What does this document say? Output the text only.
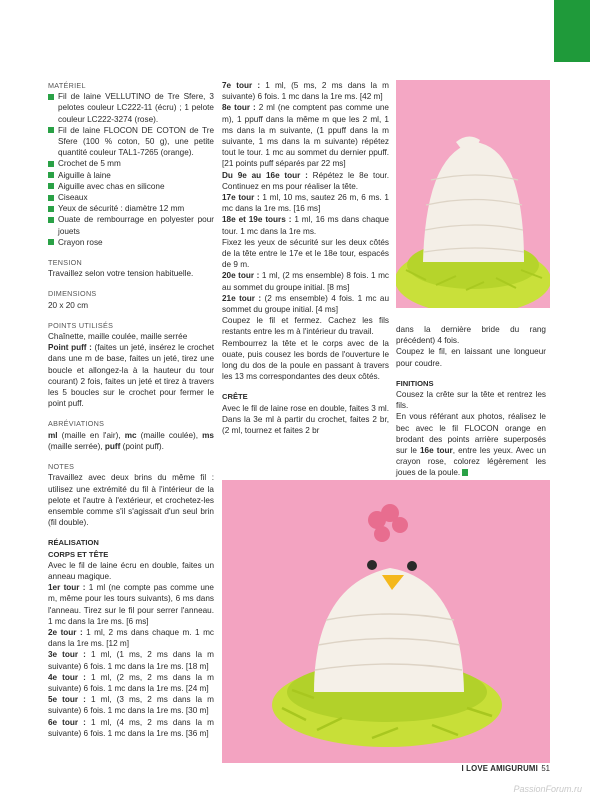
MATÉRIEL

Fil de laine VELLUTINO de Tre Sfere, 3 pelotes couleur LC222-11 (écru) ; 1 pelote couleur LC222-3274 (rose).

Fil de laine FLOCON DE COTON de Tre Sfere (100 % coton, 50 g), une petite quantité couleur TAL1-7265 (orange).

Crochet de 5 mm

Aiguille à laine

Aiguille avec chas en silicone

Ciseaux

Yeux de sécurité : diamètre 12 mm

Ouate de rembourrage en polyester pour jouets

Crayon rose

TENSION

Travaillez selon votre tension habituelle.

DIMENSIONS

20 x 20 cm

POINTS UTILISÉS

Chaînette, maille coulée, maille serrée

Point puff : (faites un jeté, insérez le crochet dans une m de base, faites un jeté, tirez une boucle et allongez-la à la hauteur du tour courant) 2 fois, faites un jeté et tirez à travers les 5 boucles sur le crochet pour fermer le point puff.

ABRÉVIATIONS

ml (maille en l'air), mc (maille coulée), ms (maille serrée), puff (point puff).

NOTES

Travaillez avec deux brins du même fil : utilisez une extrémité du fil à l'intérieur de la pelote et l'autre à l'extérieur, et crochetez-les ensemble comme s'il s'agissait d'un seul brin (fil double).

RÉALISATION
CORPS ET TÊTE

Avec le fil de laine écru en double, faites un anneau magique.

1er tour : 1 ml (ne compte pas comme une m, même pour les tours suivants), 6 ms dans l'anneau. Tirez sur le fil pour serrer l'anneau. 1 mc dans la 1re ms. [6 ms]

2e tour : 1 ml, 2 ms dans chaque m. 1 mc dans la 1re ms. [12 m]

3e tour : 1 ml, (1 ms, 2 ms dans la m suivante) 6 fois. 1 mc dans la 1re ms. [18 m]

4e tour : 1 ml, (2 ms, 2 ms dans la m suivante) 6 fois. 1 mc dans la 1re ms. [24 m]

5e tour : 1 ml, (3 ms, 2 ms dans la m suivante) 6 fois. 1 mc dans la 1re ms. [30 m]

6e tour : 1 ml, (4 ms, 2 ms dans la m suivante) 6 fois. 1 mc dans la 1re ms. [36 m]

7e tour : 1 ml, (5 ms, 2 ms dans la m suivante) 6 fois. 1 mc dans la 1re ms. [42 m]

8e tour : 2 ml (ne comptent pas comme une m), 1 ppuff dans la même m que les 2 ml, 1 ms dans la m suivante, (1 ppuff dans la m suivante, 1 ms dans la m suivante) répétez tout le tour. 1 mc au sommet du dernier ppuff. [21 points puff séparés par 22 ms]

Du 9e au 16e tour : Répétez le 8e tour. Continuez en ms pour réaliser la tête.

17e tour : 1 ml, 10 ms, sautez 26 m, 6 ms. 1 mc dans la 1re ms. [16 ms]

18e et 19e tours : 1 ml, 16 ms dans chaque tour. 1 mc dans la 1re ms.

Fixez les yeux de sécurité sur les deux côtés de la tête entre le 17e et le 18e tour, espacés de 9 m.

20e tour : 1 ml, (2 ms ensemble) 8 fois. 1 mc au sommet du groupe initial. [8 ms]

21e tour : (2 ms ensemble) 4 fois. 1 mc au sommet du groupe initial. [4 ms]

Coupez le fil et fermez. Cachez les fils restants entre les m à l'intérieur du travail.

Rembourrez la tête et le corps avec de la ouate, puis cousez les bords de l'ouverture le long du dos de la poule en passant à travers les 13 ms correspondantes des deux côtés.

CRÊTE

Avec le fil de laine rose en double, faites 3 ml. Dans la 3e ml à partir du crochet, faites 2 br, (2 ml, tournez et faites 2 br

dans la dernière bride du rang précédent) 4 fois.

Coupez le fil, en laissant une longueur pour coudre.

FINITIONS

Cousez la crête sur la tête et rentrez les fils.

En vous référant aux photos, réalisez le bec avec le fil FLOCON orange en brodant des points arrière superposés sur le 16e tour, entre les yeux. Avec un crayon rose, colorez légèrement les joues de la poule.

I LOVE AMIGURUMI 51
PassionForum.ru
